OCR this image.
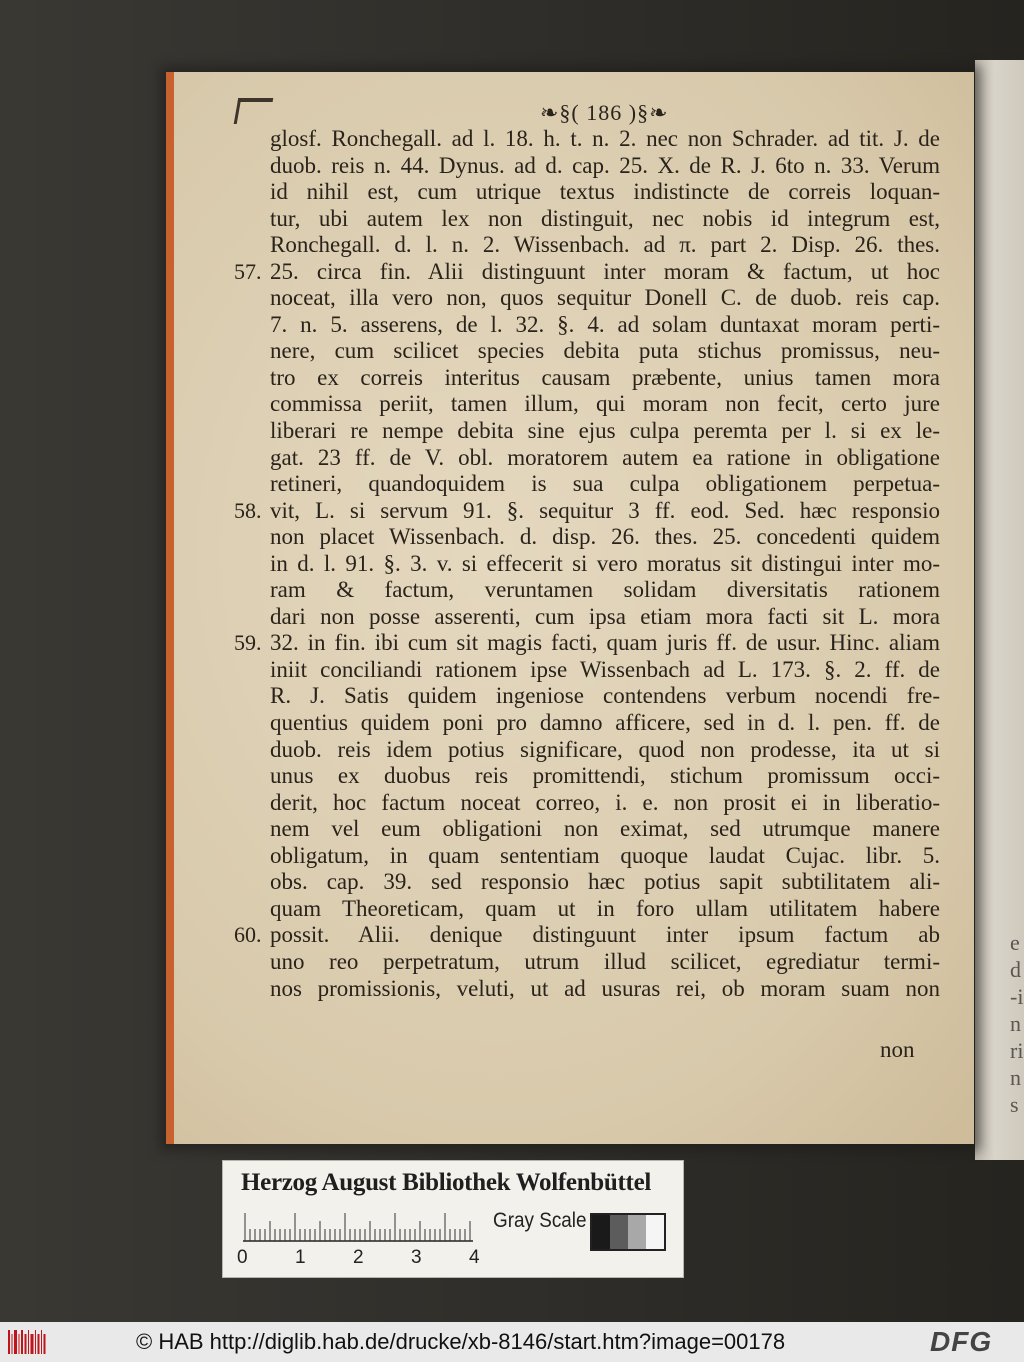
e
d
-i
n
ri
n
s
❧§( 186 )§❧
glosf. Ronchegall. ad l. 18. h. t. n. 2. nec non Schrader. ad tit. J. de
duob. reis n. 44. Dynus. ad d. cap. 25. X. de R. J. 6to n. 33. Verum
id nihil est, cum utrique textus indistincte de correis loquan-
tur, ubi autem lex non distinguit, nec nobis id integrum est,
Ronchegall. d. l. n. 2. Wissenbach. ad π. part 2. Disp. 26. thes.
57. 25. circa fin. Alii distinguunt inter moram & factum, ut hoc
noceat, illa vero non, quos sequitur Donell C. de duob. reis cap.
7. n. 5. asserens, de l. 32. §. 4. ad solam duntaxat moram perti-
nere, cum scilicet species debita puta stichus promissus, neu-
tro ex correis interitus causam præbente, unius tamen mora
commissa periit, tamen illum, qui moram non fecit, certo jure
liberari re nempe debita sine ejus culpa peremta per l. si ex le-
gat. 23 ff. de V. obl. moratorem autem ea ratione in obligatione
retineri, quandoquidem is sua culpa obligationem perpetua-
58. vit, L. si servum 91. §. sequitur 3 ff. eod. Sed. hæc responsio
non placet Wissenbach. d. disp. 26. thes. 25. concedenti quidem
in d. l. 91. §. 3. v. si effecerit si vero moratus sit distingui inter mo-
ram & factum, veruntamen solidam diversitatis rationem
dari non posse asserenti, cum ipsa etiam mora facti sit L. mora
59. 32. in fin. ibi cum sit magis facti, quam juris ff. de usur. Hinc. aliam
iniit conciliandi rationem ipse Wissenbach ad L. 173. §. 2. ff. de
R. J. Satis quidem ingeniose contendens verbum nocendi fre-
quentius quidem poni pro damno afficere, sed in d. l. pen. ff. de
duob. reis idem potius significare, quod non prodesse, ita ut si
unus ex duobus reis promittendi, stichum promissum occi-
derit, hoc factum noceat correo, i. e. non prosit ei in liberatio-
nem vel eum obligationi non eximat, sed utrumque manere
obligatum, in quam sententiam quoque laudat Cujac. libr. 5.
obs. cap. 39. sed responsio hæc potius sapit subtilitatem ali-
quam Theoreticam, quam ut in foro ullam utilitatem habere
60. possit. Alii. denique distinguunt inter ipsum factum ab
uno reo perpetratum, utrum illud scilicet, egrediatur termi-
nos promissionis, veluti, ut ad usuras rei, ob moram suam non
non
Herzog August Bibliothek Wolfenbüttel
0 1 2 3 4
Gray Scale
© HAB http://diglib.hab.de/drucke/xb-8146/start.htm?image=00178	DFG
